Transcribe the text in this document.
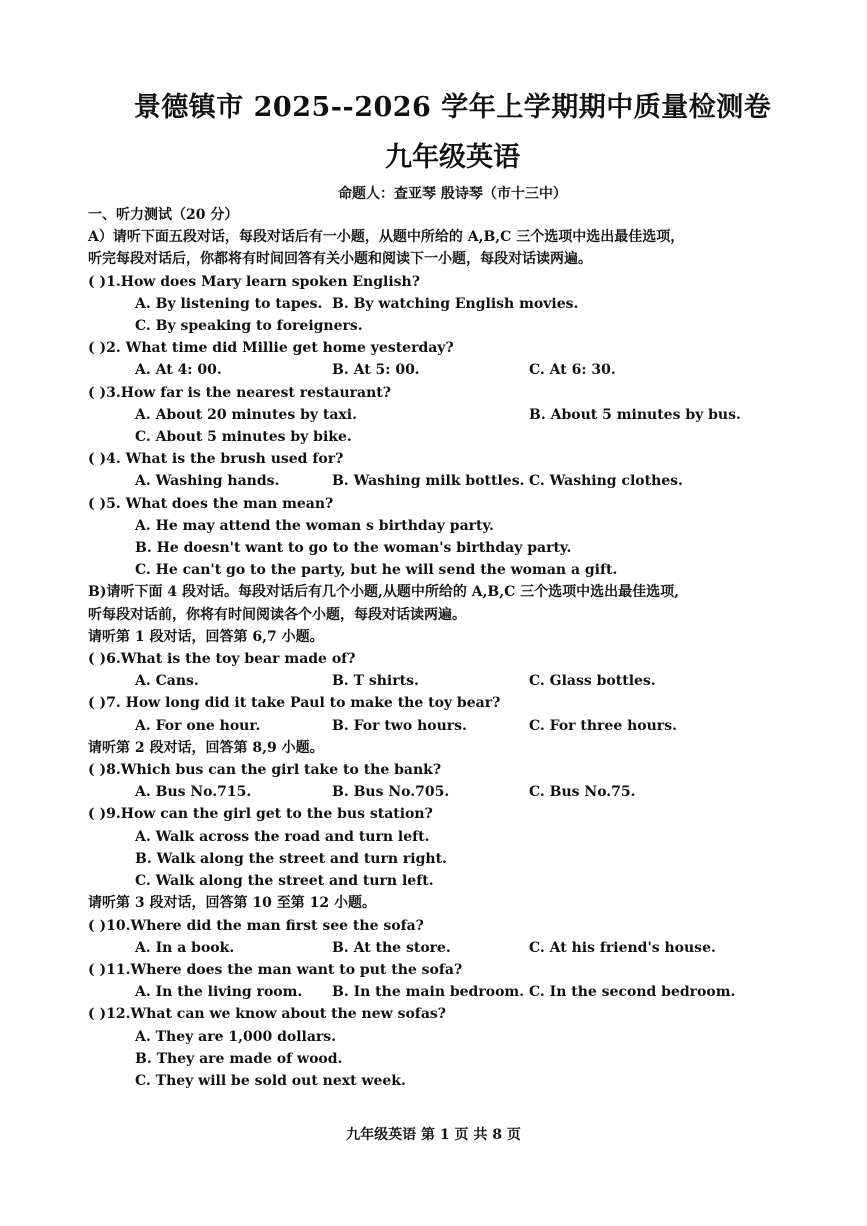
景德镇市 2025--2026 学年上学期期中质量检测卷
九年级英语
命题人：查亚琴 殷诗琴（市十三中）
一、听力测试（20 分）
A）请听下面五段对话，每段对话后有一小题，从题中所给的 A,B,C 三个选项中选出最佳选项，
听完每段对话后，你都将有时间回答有关小题和阅读下一小题，每段对话读两遍。
( )1.How does Mary learn spoken English?
A. By listening to tapes. B. By watching English movies.
C. By speaking to foreigners.
( )2. What time did Millie get home yesterday?
A. At 4: 00.	B. At 5: 00.	C. At 6: 30.
( )3.How far is the nearest restaurant?
A. About 20 minutes by taxi.	B. About 5 minutes by bus.
C. About 5 minutes by bike.
( )4. What is the brush used for?
A. Washing hands.	B. Washing milk bottles. C. Washing clothes.
( )5. What does the man mean?
A. He may attend the woman s birthday party.
B. He doesn't want to go to the woman's birthday party.
C. He can't go to the party, but he will send the woman a gift.
B)请听下面 4 段对话。每段对话后有几个小题,从题中所给的 A,B,C 三个选项中选出最佳选项,
听每段对话前，你将有时间阅读各个小题，每段对话读两遍。
请听第 1 段对话，回答第 6,7 小题。
( )6.What is the toy bear made of?
A. Cans.	B. T shirts.	C. Glass bottles.
( )7. How long did it take Paul to make the toy bear?
A. For one hour.	B. For two hours.	C. For three hours.
请听第 2 段对话，回答第 8,9 小题。
( )8.Which bus can the girl take to the bank?
A. Bus No.715.	B. Bus No.705.	C. Bus No.75.
( )9.How can the girl get to the bus station?
A. Walk across the road and turn left.
B. Walk along the street and turn right.
C. Walk along the street and turn left.
请听第 3 段对话，回答第 10 至第 12 小题。
( )10.Where did the man first see the sofa?
A. In a book.	B. At the store.	C. At his friend's house.
( )11.Where does the man want to put the sofa?
A. In the living room.	B. In the main bedroom. C. In the second bedroom.
( )12.What can we know about the new sofas?
A. They are 1,000 dollars.
B. They are made of wood.
C. They will be sold out next week.
九年级英语 第 1 页 共 8 页
